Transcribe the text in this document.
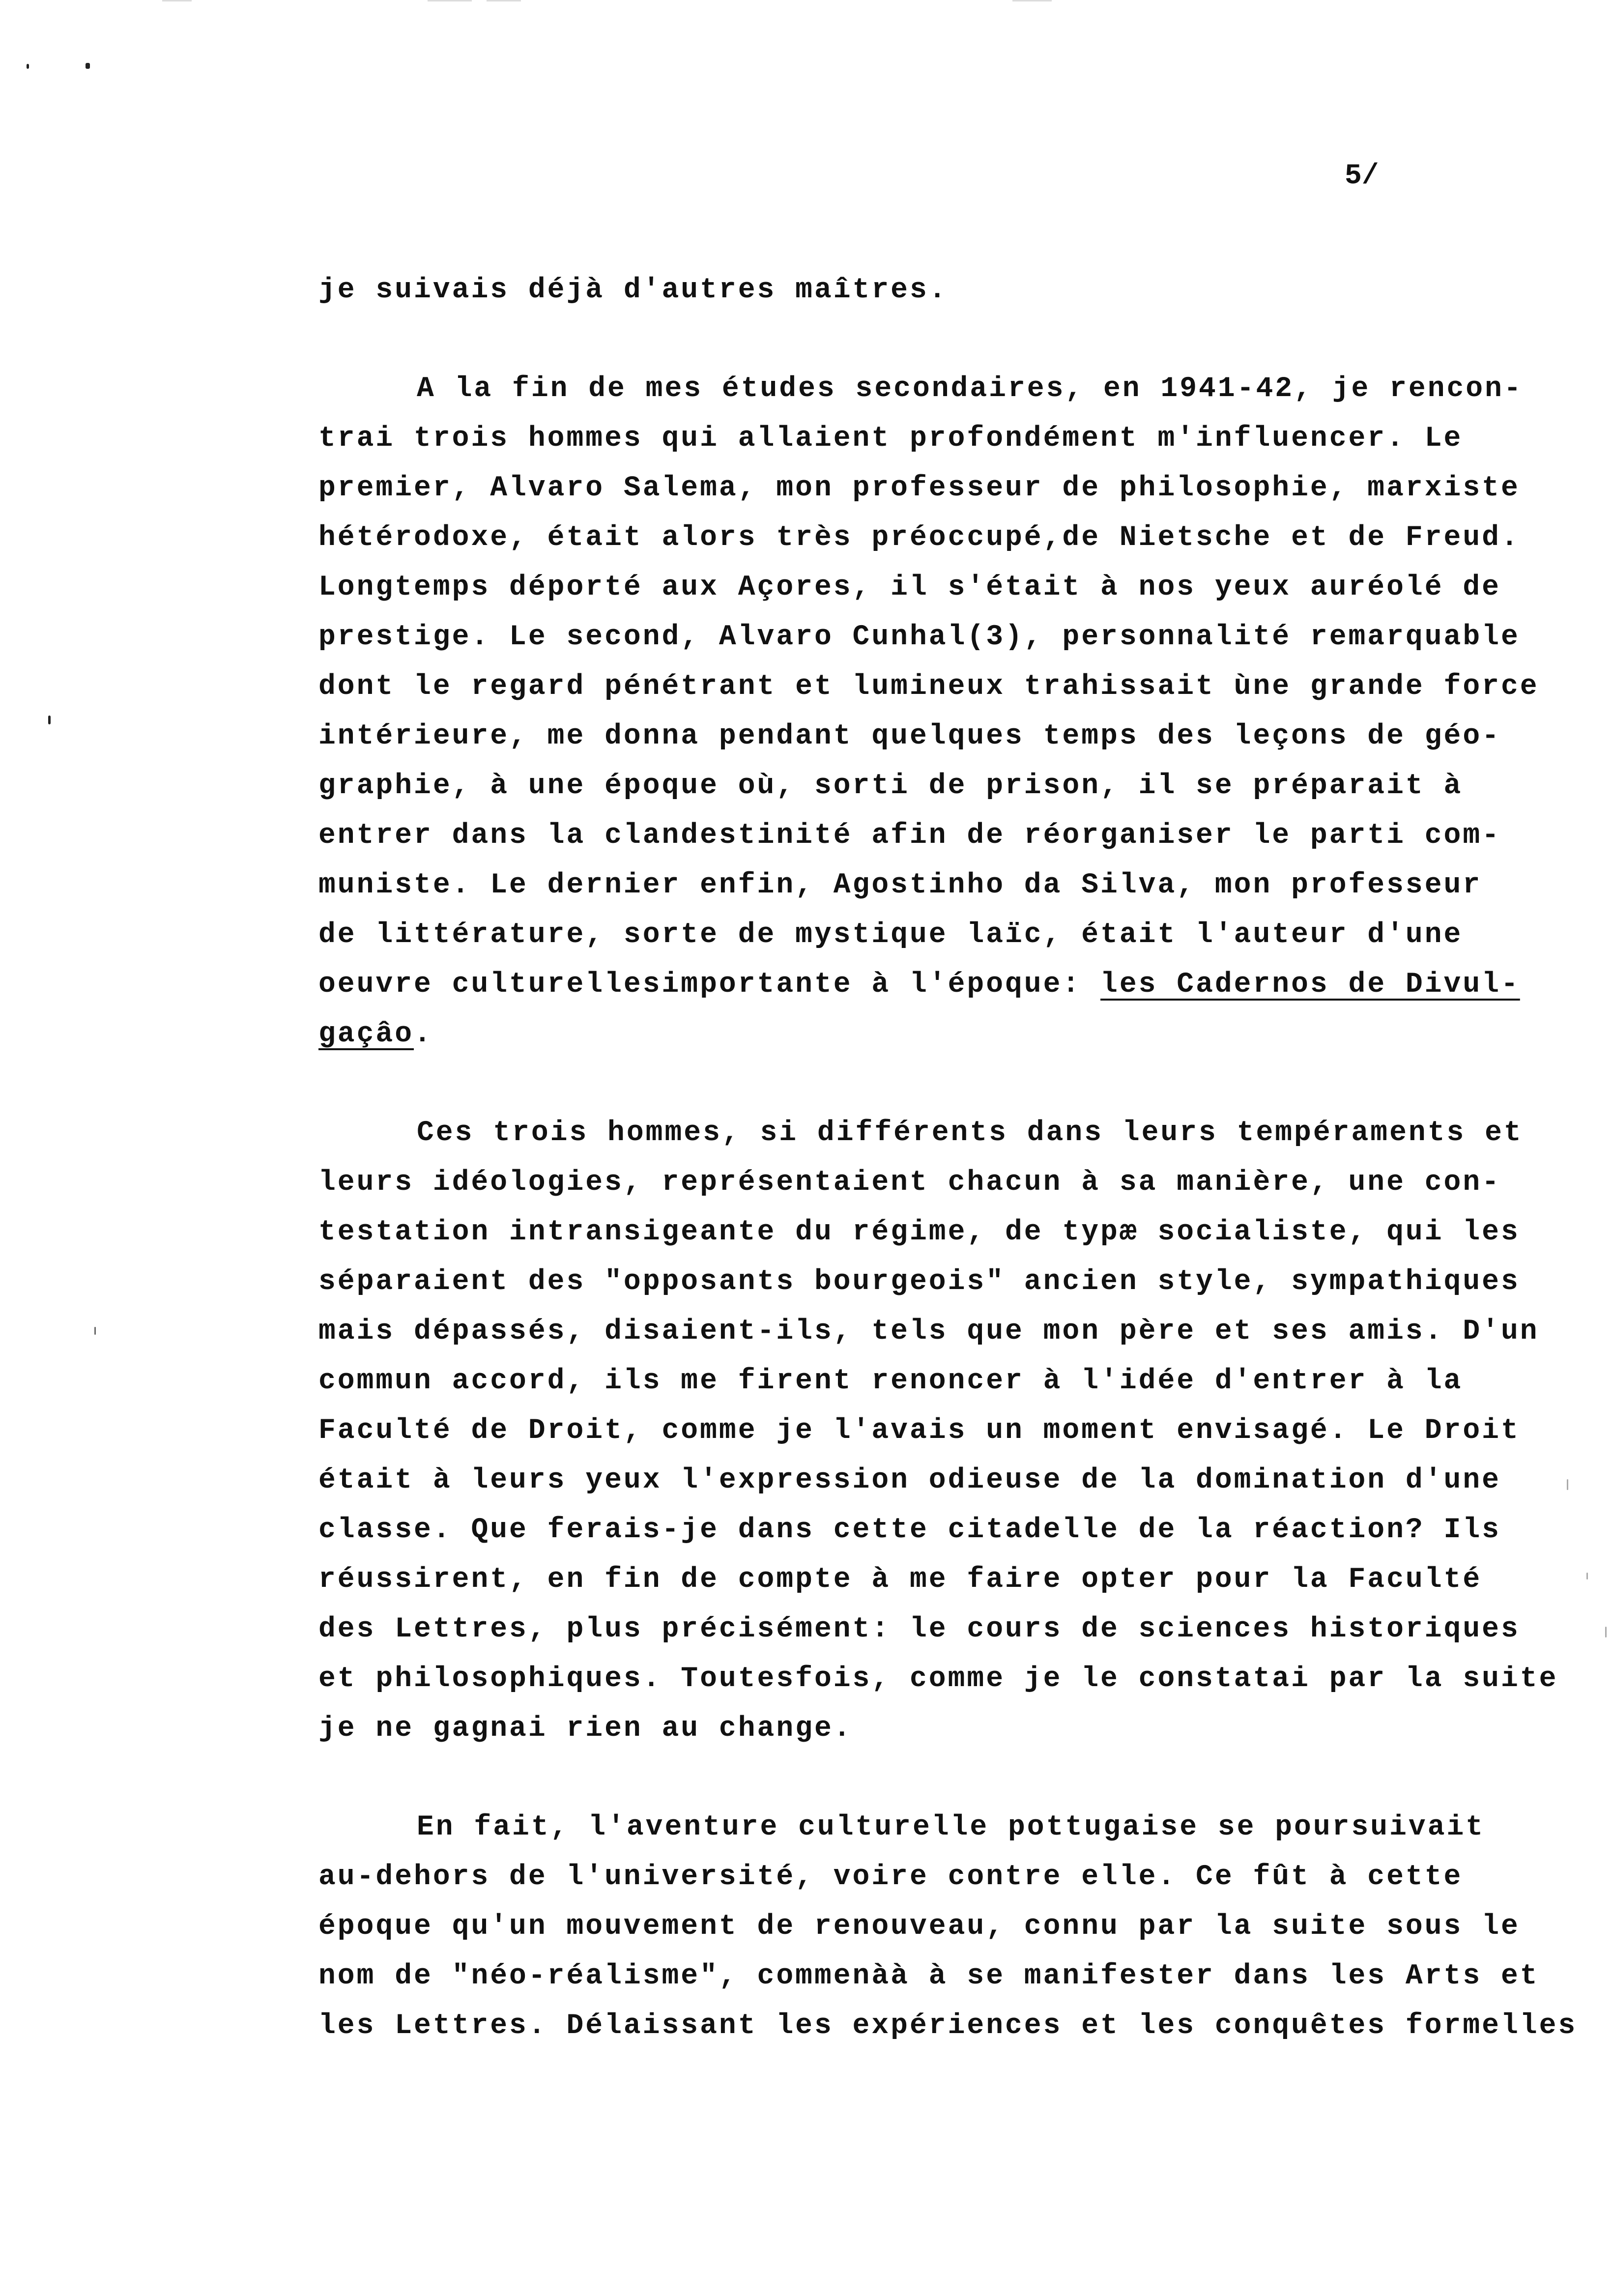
5/
je suivais déjà d'autres maîtres.
A la fin de mes études secondaires, en 1941-42, je rencon-
trai trois hommes qui allaient profondément m'influencer. Le
premier, Alvaro Salema, mon professeur de philosophie, marxiste
hétérodoxe, était alors très préoccupé,de Nietsche et de Freud.
Longtemps déporté aux Açores, il s'était à nos yeux auréolé de
prestige. Le second, Alvaro Cunhal(3), personnalité remarquable
dont le regard pénétrant et lumineux trahissait ùne grande force
intérieure, me donna pendant quelques temps des leçons de géo-
graphie, à une époque où, sorti de prison, il se préparait à
entrer dans la clandestinité afin de réorganiser le parti com-
muniste. Le dernier enfin, Agostinho da Silva, mon professeur
de littérature, sorte de mystique laïc, était l'auteur d'une
oeuvre culturellesimportante à l'époque: les Cadernos de Divul-
gaçâo.
Ces trois hommes, si différents dans leurs tempéraments et
leurs idéologies, représentaient chacun à sa manière, une con-
testation intransigeante du régime, de typæ socialiste, qui les
séparaient des "opposants bourgeois" ancien style, sympathiques
mais dépassés, disaient-ils, tels que mon père et ses amis. D'un
commun accord, ils me firent renoncer à l'idée d'entrer à la
Faculté de Droit, comme je l'avais un moment envisagé. Le Droit
était à leurs yeux l'expression odieuse de la domination d'une
classe. Que ferais-je dans cette citadelle de la réaction? Ils
réussirent, en fin de compte à me faire opter pour la Faculté
des Lettres, plus précisément: le cours de sciences historiques
et philosophiques. Toutesfois, comme je le constatai par la suite
je ne gagnai rien au change.
En fait, l'aventure culturelle pottugaise se poursuivait
au-dehors de l'université, voire contre elle. Ce fût à cette
époque qu'un mouvement de renouveau, connu par la suite sous le
nom de "néo-réalisme", commenàà à se manifester dans les Arts et
les Lettres. Délaissant les expériences et les conquêtes formelles
